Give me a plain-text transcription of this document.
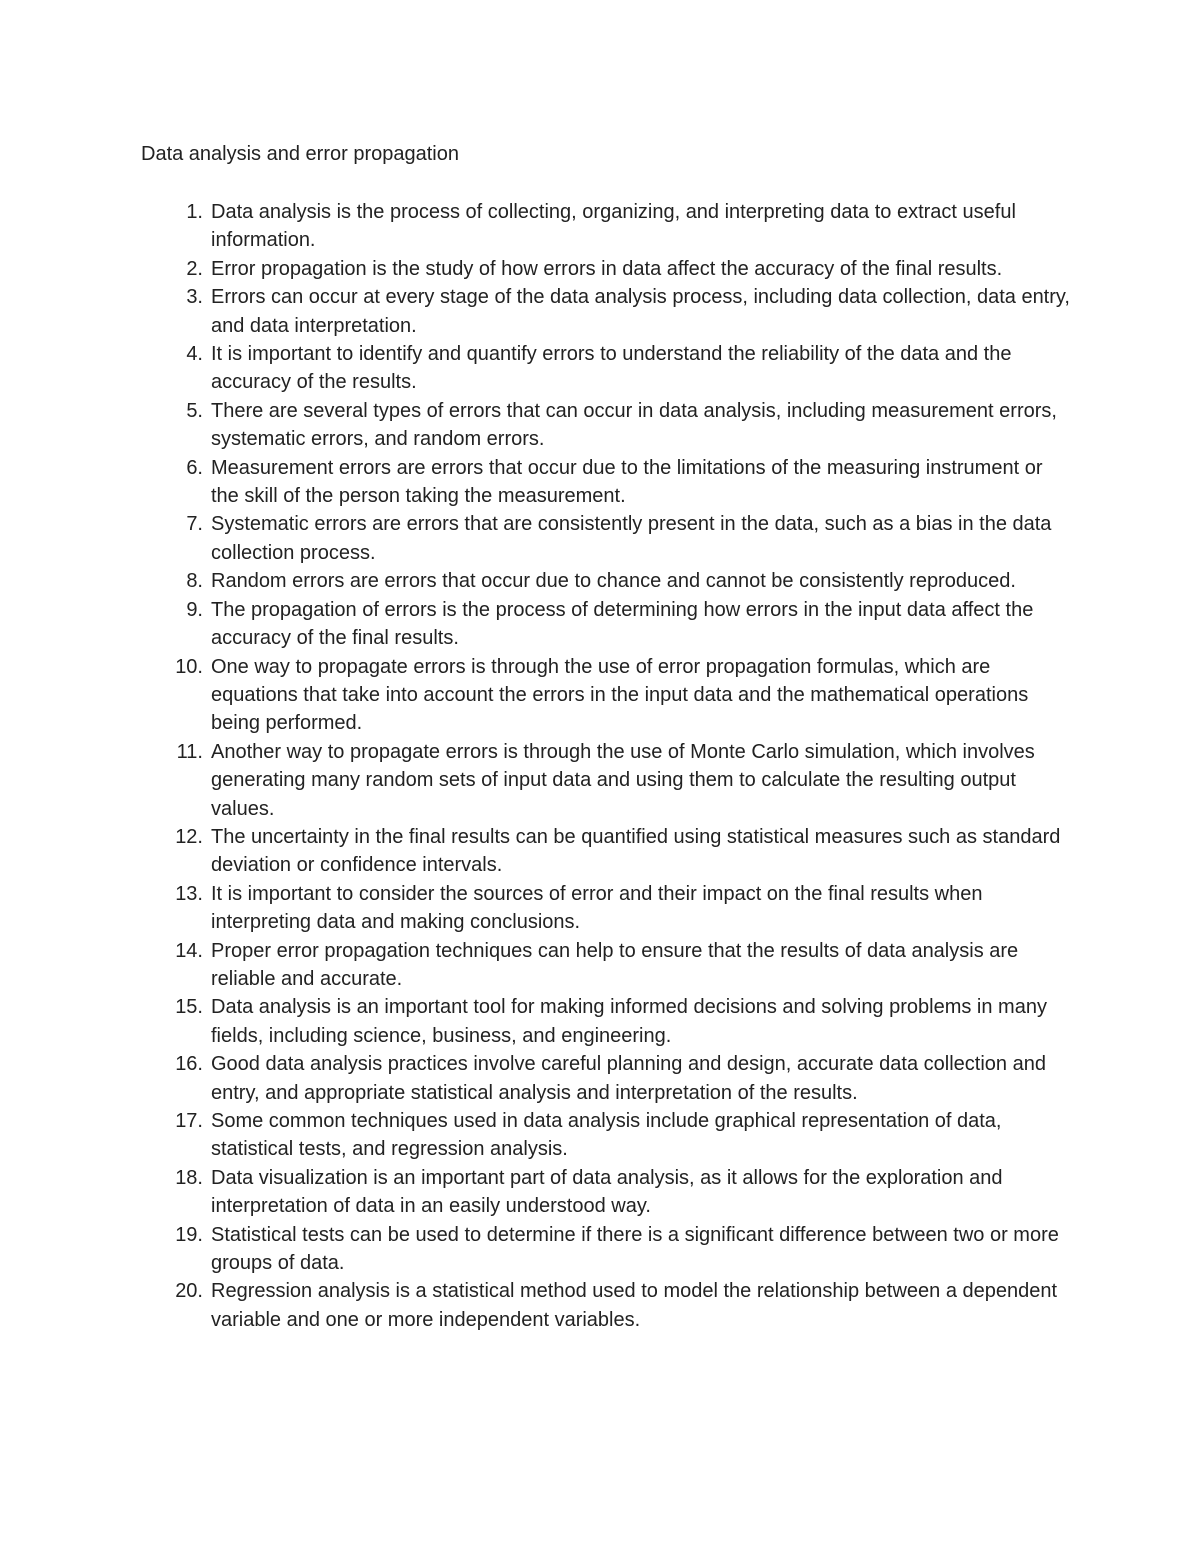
Data analysis and error propagation
1. Data analysis is the process of collecting, organizing, and interpreting data to extract useful information.
2. Error propagation is the study of how errors in data affect the accuracy of the final results.
3. Errors can occur at every stage of the data analysis process, including data collection, data entry, and data interpretation.
4. It is important to identify and quantify errors to understand the reliability of the data and the accuracy of the results.
5. There are several types of errors that can occur in data analysis, including measurement errors, systematic errors, and random errors.
6. Measurement errors are errors that occur due to the limitations of the measuring instrument or the skill of the person taking the measurement.
7. Systematic errors are errors that are consistently present in the data, such as a bias in the data collection process.
8. Random errors are errors that occur due to chance and cannot be consistently reproduced.
9. The propagation of errors is the process of determining how errors in the input data affect the accuracy of the final results.
10. One way to propagate errors is through the use of error propagation formulas, which are equations that take into account the errors in the input data and the mathematical operations being performed.
11. Another way to propagate errors is through the use of Monte Carlo simulation, which involves generating many random sets of input data and using them to calculate the resulting output values.
12. The uncertainty in the final results can be quantified using statistical measures such as standard deviation or confidence intervals.
13. It is important to consider the sources of error and their impact on the final results when interpreting data and making conclusions.
14. Proper error propagation techniques can help to ensure that the results of data analysis are reliable and accurate.
15. Data analysis is an important tool for making informed decisions and solving problems in many fields, including science, business, and engineering.
16. Good data analysis practices involve careful planning and design, accurate data collection and entry, and appropriate statistical analysis and interpretation of the results.
17. Some common techniques used in data analysis include graphical representation of data, statistical tests, and regression analysis.
18. Data visualization is an important part of data analysis, as it allows for the exploration and interpretation of data in an easily understood way.
19. Statistical tests can be used to determine if there is a significant difference between two or more groups of data.
20. Regression analysis is a statistical method used to model the relationship between a dependent variable and one or more independent variables.
